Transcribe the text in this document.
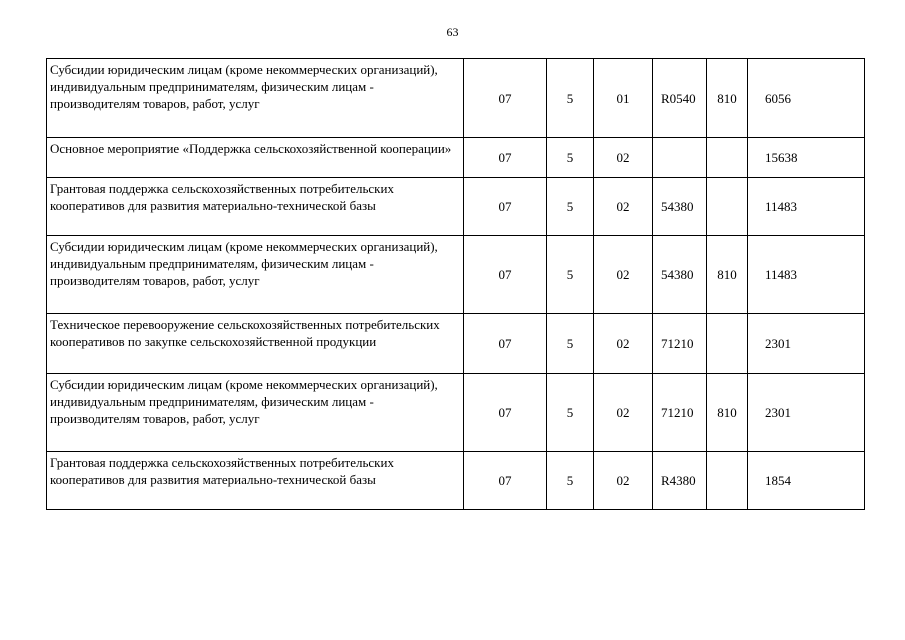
63
Субсидии юридическим лицам (кроме некоммерческих организаций), индивидуальным предпринимателям, физическим лицам - производителям товаров, работ, услуг	07	5	01	R0540	810	6056
Основное мероприятие «Поддержка сельскохозяйственной кооперации»	07	5	02			15638
Грантовая поддержка сельскохозяйственных потребительских кооперативов для развития материально-технической базы	07	5	02	54380		11483
Субсидии юридическим лицам (кроме некоммерческих организаций), индивидуальным предпринимателям, физическим лицам - производителям товаров, работ, услуг	07	5	02	54380	810	11483
Техническое перевооружение сельскохозяйственных потребительских кооперативов по закупке сельскохозяйственной продукции	07	5	02	71210		2301
Субсидии юридическим лицам (кроме некоммерческих организаций), индивидуальным предпринимателям, физическим лицам - производителям товаров, работ, услуг	07	5	02	71210	810	2301
Грантовая поддержка сельскохозяйственных потребительских кооперативов для развития материально-технической базы	07	5	02	R4380		1854
